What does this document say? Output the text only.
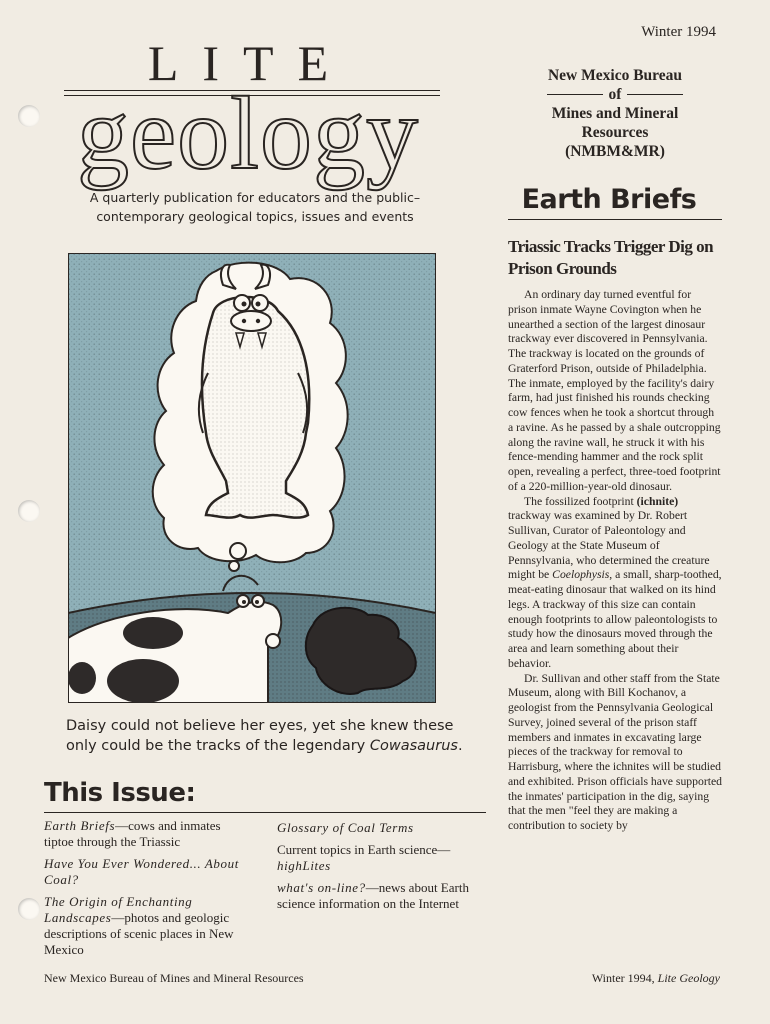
Winter 1994
LITE
geology
A quarterly publication for educators and the public–
contemporary geological topics, issues and events
New Mexico Bureau
of
Mines and Mineral
Resources
(NMBM&MR)
Earth Briefs
Daisy could not believe her eyes, yet she knew these only could be the tracks of the legendary Cowasaurus.
This Issue:
Earth Briefs—cows and inmates tiptoe through the Triassic
Have You Ever Wondered... About Coal?
The Origin of Enchanting Landscapes—photos and geologic descriptions of scenic places in New Mexico
Glossary of Coal Terms
Current topics in Earth science—
highLites
what's on-line?—news about Earth science information on the Internet
Triassic Tracks Trigger Dig on Prison Grounds

An ordinary day turned eventful for prison inmate Wayne Covington when he unearthed a section of the largest dinosaur trackway ever discovered in Pennsylvania. The trackway is located on the grounds of Graterford Prison, outside of Philadelphia. The inmate, employed by the facility's dairy farm, had just finished his rounds checking cow fences when he took a shortcut through a ravine. As he passed by a shale outcropping along the ravine wall, he struck it with his fence-mending hammer and the rock split open, revealing a perfect, three-toed footprint of a 220-million-year-old dinosaur.

The fossilized footprint (ichnite) trackway was examined by Dr. Robert Sullivan, Curator of Paleontology and Geology at the State Museum of Pennsylvania, who determined the creature might be Coelophysis, a small, sharp-toothed, meat-eating dinosaur that walked on its hind legs. A trackway of this size can contain enough footprints to allow paleontologists to study how the dinosaurs moved through the area and learn something about their behavior.

Dr. Sullivan and other staff from the State Museum, along with Bill Kochanov, a geologist from the Pennsylvania Geological Survey, joined several of the prison staff members and inmates in excavating large pieces of the trackway for removal to Harrisburg, where the ichnites will be studied and exhibited. Prison officials have supported the inmates' participation in the dig, saying that the men "feel they are making a contribution to society by

New Mexico Bureau of Mines and Mineral Resources	Winter 1994, Lite Geology
